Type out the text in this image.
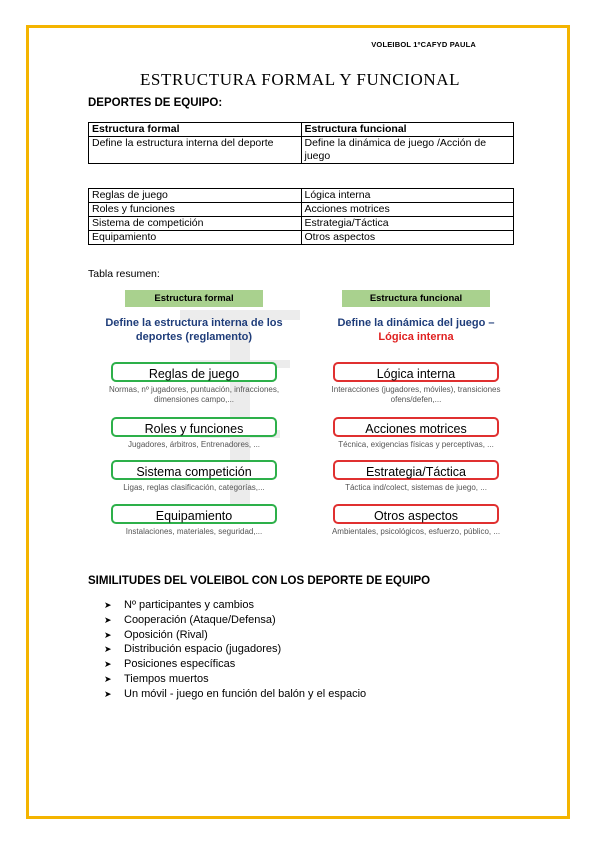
VOLEIBOL 1ºCAFYD PAULA
ESTRUCTURA FORMAL Y FUNCIONAL
DEPORTES DE EQUIPO:
Estructura formal	Estructura funcional
Define la estructura interna del deporte	Define la dinámica de juego /Acción de juego
Reglas de juego	Lógica interna
Roles y funciones	Acciones motrices
Sistema de competición	Estrategia/Táctica
Equipamiento	Otros aspectos
Tabla resumen:
Estructura formal
Define la estructura interna de los deportes (reglamento)
Reglas de juego
Normas, nº jugadores, puntuación, infracciones, dimensiones campo,...
Roles y funciones
Jugadores, árbitros, Entrenadores, ...
Sistema competición
Ligas, reglas clasificación, categorías,...
Equipamiento
Instalaciones, materiales, seguridad,...
Estructura funcional
Define la dinámica del juego –
Lógica interna
Lógica interna
Interacciones (jugadores, móviles), transiciones ofens/defen,...
Acciones motrices
Técnica, exigencias físicas y perceptivas, ...
Estrategia/Táctica
Táctica ind/colect, sistemas de juego, ...
Otros aspectos
Ambientales, psicológicos, esfuerzo, público, ...
SIMILITUDES DEL VOLEIBOL CON LOS DEPORTE DE EQUIPO
➤ Nº participantes y cambios
➤ Cooperación (Ataque/Defensa)
➤ Oposición (Rival)
➤ Distribución espacio (jugadores)
➤ Posiciones específicas
➤ Tiempos muertos
➤ Un móvil - juego en función del balón y el espacio
